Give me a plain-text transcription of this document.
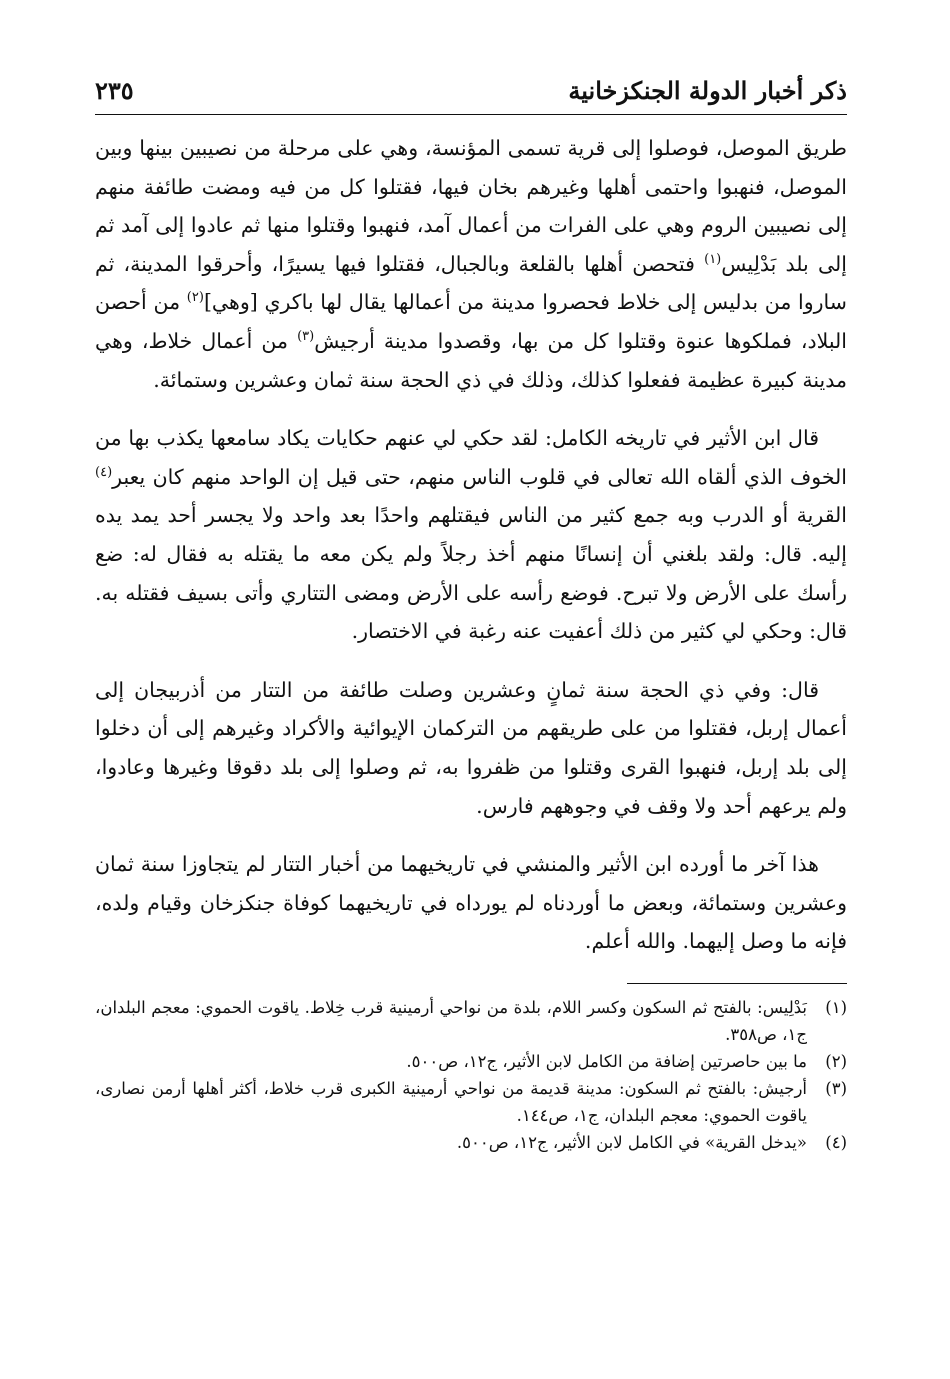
ذكر أخبار الدولة الجنكزخانية
٢٣٥

طريق الموصل، فوصلوا إلى قرية تسمى المؤنسة، وهي على مرحلة من نصيبين بينها وبين الموصل، فنهبوا واحتمى أهلها وغيرهم بخان فيها، فقتلوا كل من فيه ومضت طائفة منهم إلى نصيبين الروم وهي على الفرات من أعمال آمد، فنهبوا وقتلوا منها ثم عادوا إلى آمد ثم إلى بلد بَدْلِيس$^{(١)}$ فتحصن أهلها بالقلعة وبالجبال، فقتلوا فيها يسيرًا، وأحرقوا المدينة، ثم ساروا من بدليس إلى خلاط فحصروا مدينة من أعمالها يقال لها باكري [وهي]$^{(٢)}$ من أحصن البلاد، فملكوها عنوة وقتلوا كل من بها، وقصدوا مدينة أرجيش$^{(٣)}$ من أعمال خلاط، وهي مدينة كبيرة عظيمة ففعلوا كذلك، وذلك في ذي الحجة سنة ثمان وعشرين وستمائة.

قال ابن الأثير في تاريخه الكامل: لقد حكي لي عنهم حكايات يكاد سامعها يكذب بها من الخوف الذي ألقاه الله تعالى في قلوب الناس منهم، حتى قيل إن الواحد منهم كان يعبر$^{(٤)}$ القرية أو الدرب وبه جمع كثير من الناس فيقتلهم واحدًا بعد واحد ولا يجسر أحد يمد يده إليه. قال: ولقد بلغني أن إنسانًا منهم أخذ رجلاً ولم يكن معه ما يقتله به فقال له: ضع رأسك على الأرض ولا تبرح. فوضع رأسه على الأرض ومضى التتاري وأتى بسيف فقتله به. قال: وحكي لي كثير من ذلك أعفيت عنه رغبة في الاختصار.

قال: وفي ذي الحجة سنة ثمانٍ وعشرين وصلت طائفة من التتار من أذربيجان إلى أعمال إربل، فقتلوا من على طريقهم من التركمان الإيوائية والأكراد وغيرهم إلى أن دخلوا إلى بلد إربل، فنهبوا القرى وقتلوا من ظفروا به، ثم وصلوا إلى بلد دقوقا وغيرها وعادوا، ولم يرعهم أحد ولا وقف في وجوههم فارس.

هذا آخر ما أورده ابن الأثير والمنشي في تاريخيهما من أخبار التتار لم يتجاوزا سنة ثمان وعشرين وستمائة، وبعض ما أوردناه لم يورداه في تاريخيهما كوفاة جنكزخان وقيام ولده، فإنه ما وصل إليهما. والله أعلم.

(١)
بَدْلِيس: بالفتح ثم السكون وكسر اللام، بلدة من نواحي أرمينية قرب خِلاط. ياقوت الحموي: معجم البلدان، ج١، ص٣٥٨.
(٢)
ما بين حاصرتين إضافة من الكامل لابن الأثير، ج١٢، ص٥٠٠.
(٣)
أرجيش: بالفتح ثم السكون: مدينة قديمة من نواحي أرمينية الكبرى قرب خلاط، أكثر أهلها أرمن نصارى، ياقوت الحموي: معجم البلدان، ج١، ص١٤٤.
(٤)
«يدخل القرية» في الكامل لابن الأثير، ج١٢، ص٥٠٠.
